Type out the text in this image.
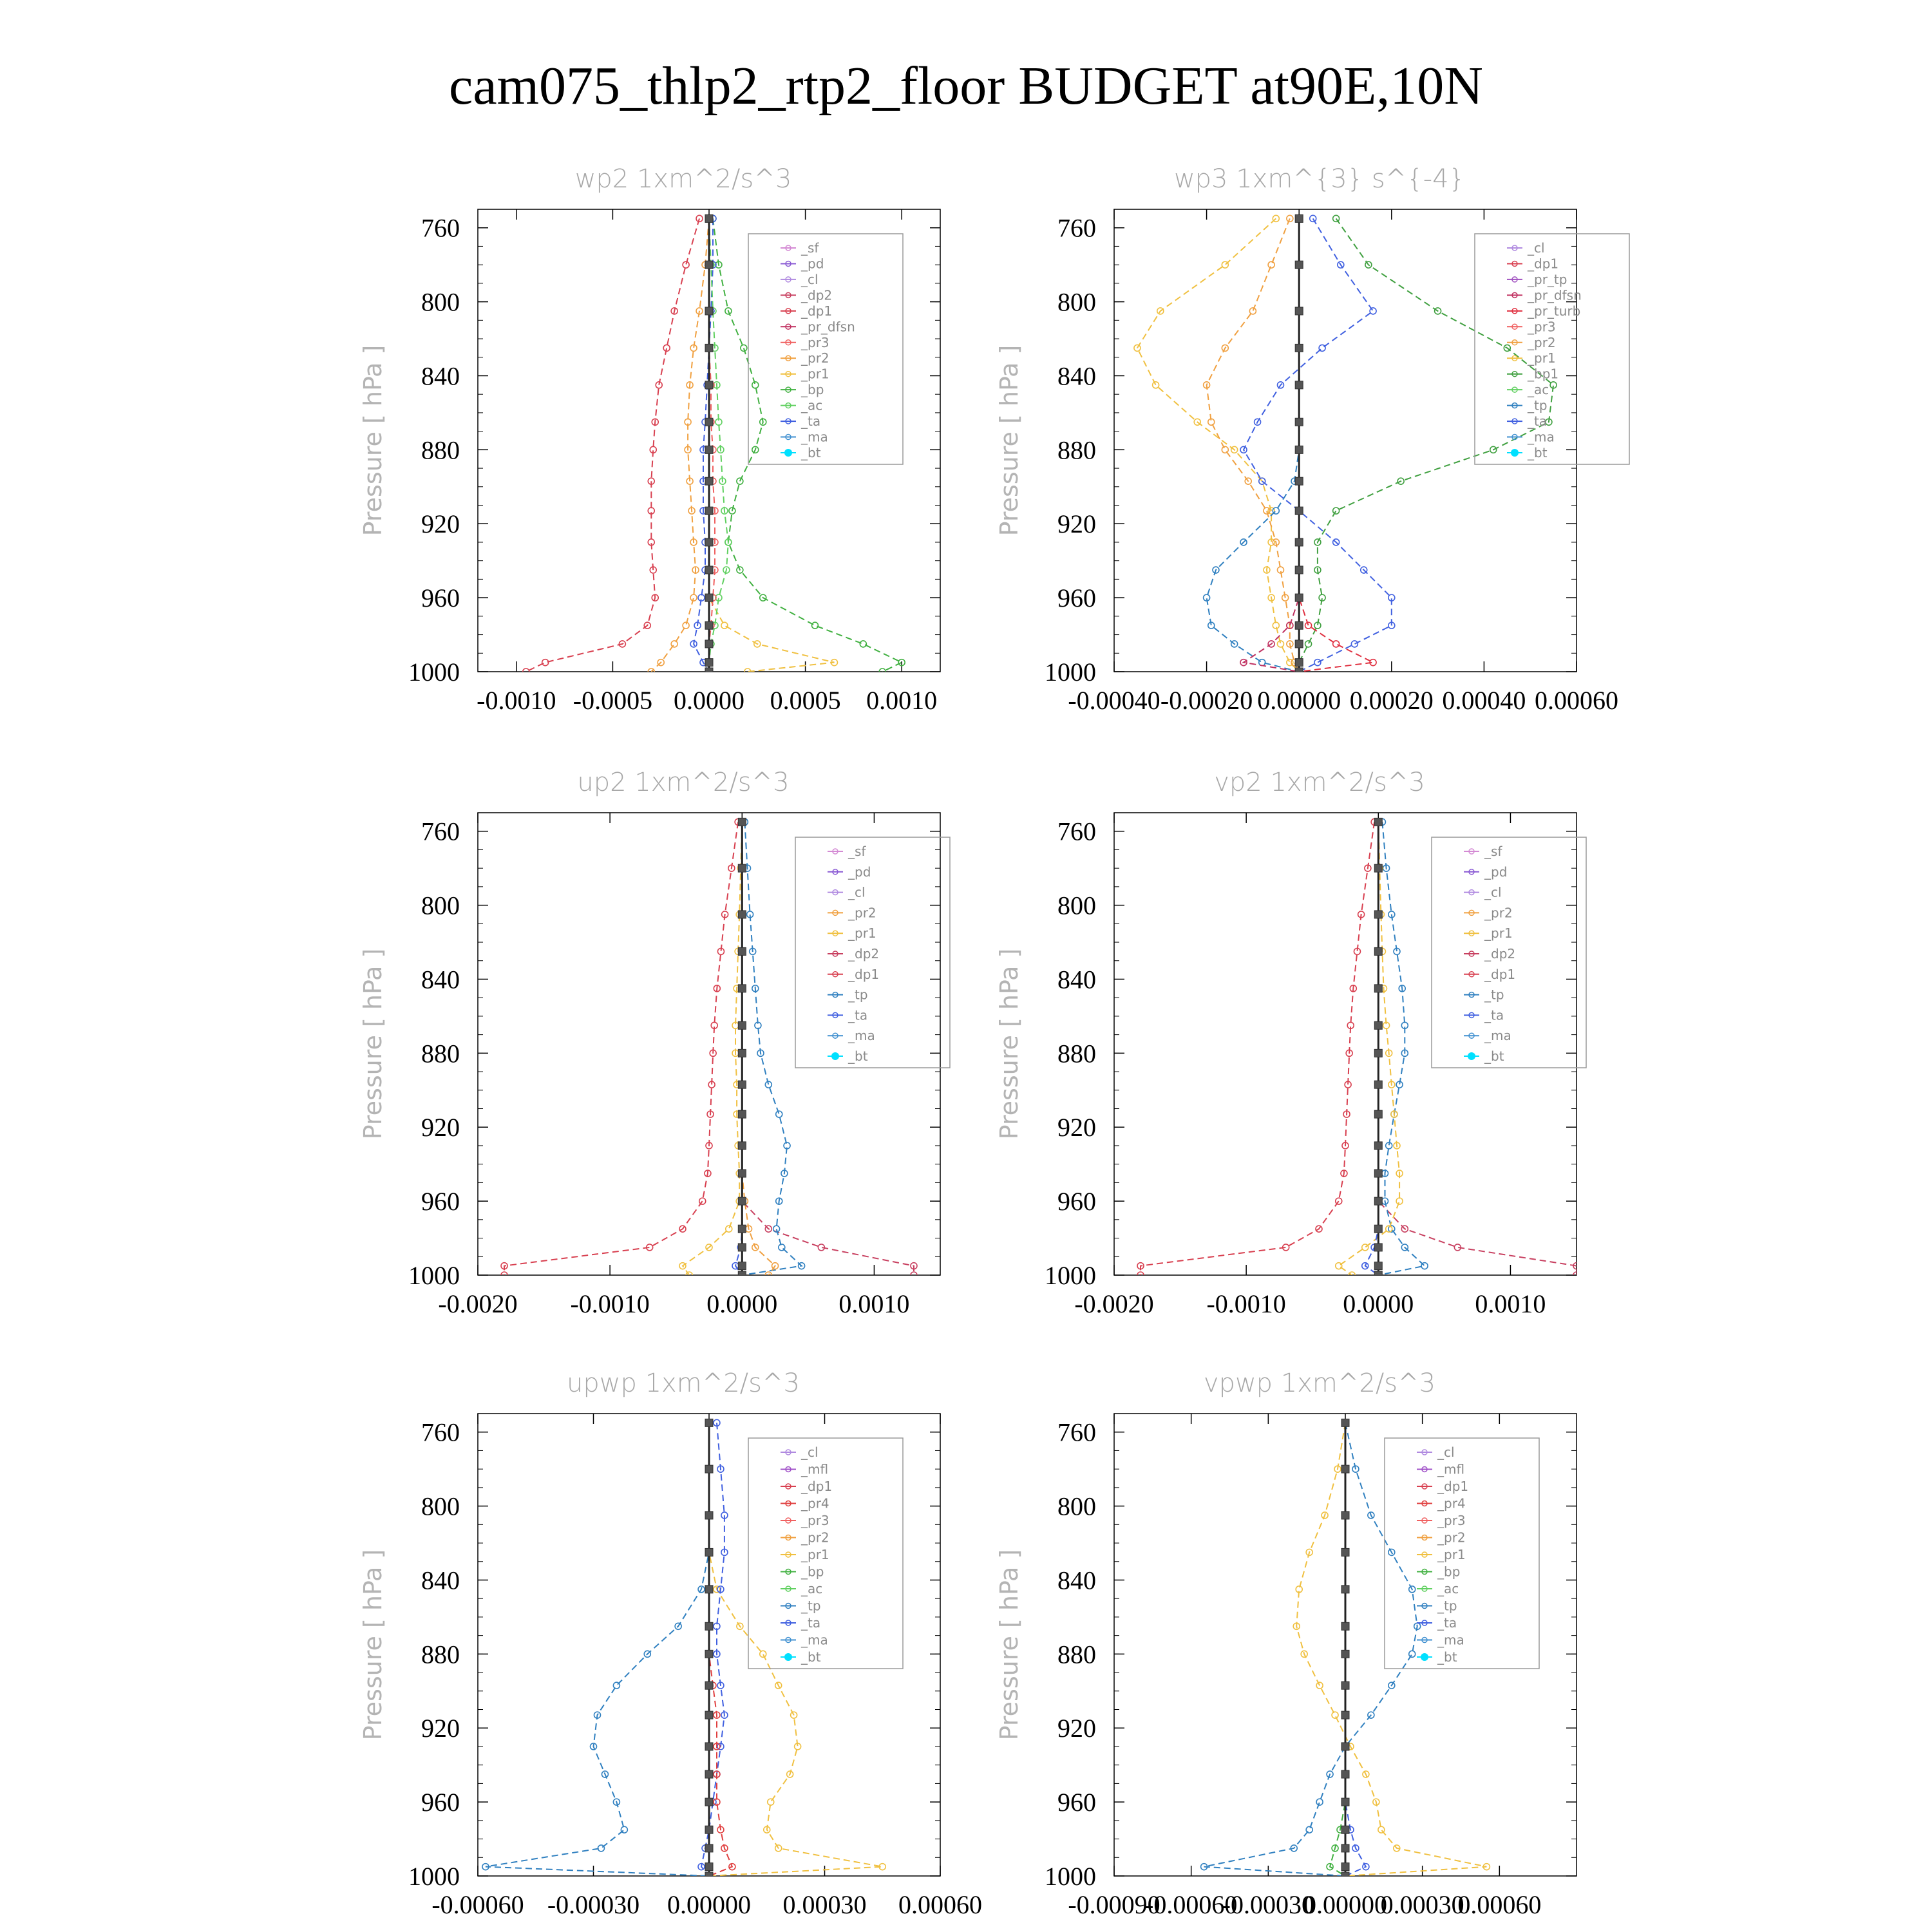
cam075_thlp2_rtp2_floor BUDGET at90E,10N
wp2 1xm^2/s^3
Pressure [ hPa ]
760
800
840
880
920
960
1000
-0.0010 -0.0005 0.0000 0.0005 0.0010
_sf
_pd
_cl
_dp2
_dp1
_pr_dfsn
_pr3
_pr2
_pr1
_bp
_ac
_ta
_ma
_bt
wp3 1xm^{3} s^{-4}
Pressure [ hPa ]
760
800
840
880
920
960
1000
-0.00040 -0.00020 0.00000 0.00020 0.00040 0.00060
_cl
_dp1
_pr_tp
_pr_dfsn
_pr_turb
_pr3
_pr2
_pr1
_bp1
_ac
_tp
_ta
_ma
_bt
up2 1xm^2/s^3
Pressure [ hPa ]
760
800
840
880
920
960
1000
-0.0020 -0.0010 0.0000 0.0010
_sf
_pd
_cl
_pr2
_pr1
_dp2
_dp1
_tp
_ta
_ma
_bt
vp2 1xm^2/s^3
Pressure [ hPa ]
760
800
840
880
920
960
1000
-0.0020 -0.0010 0.0000 0.0010
_sf
_pd
_cl
_pr2
_pr1
_dp2
_dp1
_tp
_ta
_ma
_bt
upwp 1xm^2/s^3
Pressure [ hPa ]
760
800
840
880
920
960
1000
-0.00060 -0.00030 0.00000 0.00030 0.00060
_cl
_mfl
_dp1
_pr4
_pr3
_pr2
_pr1
_bp
_ac
_tp
_ta
_ma
_bt
vpwp 1xm^2/s^3
Pressure [ hPa ]
760
800
840
880
920
960
1000
-0.00090
-0.00060
-0.00030
0.00000
0.00030
0.00060
_cl
_mfl
_dp1
_pr4
_pr3
_pr2
_pr1
_bp
_ac
_tp
_ta
_ma
_bt
